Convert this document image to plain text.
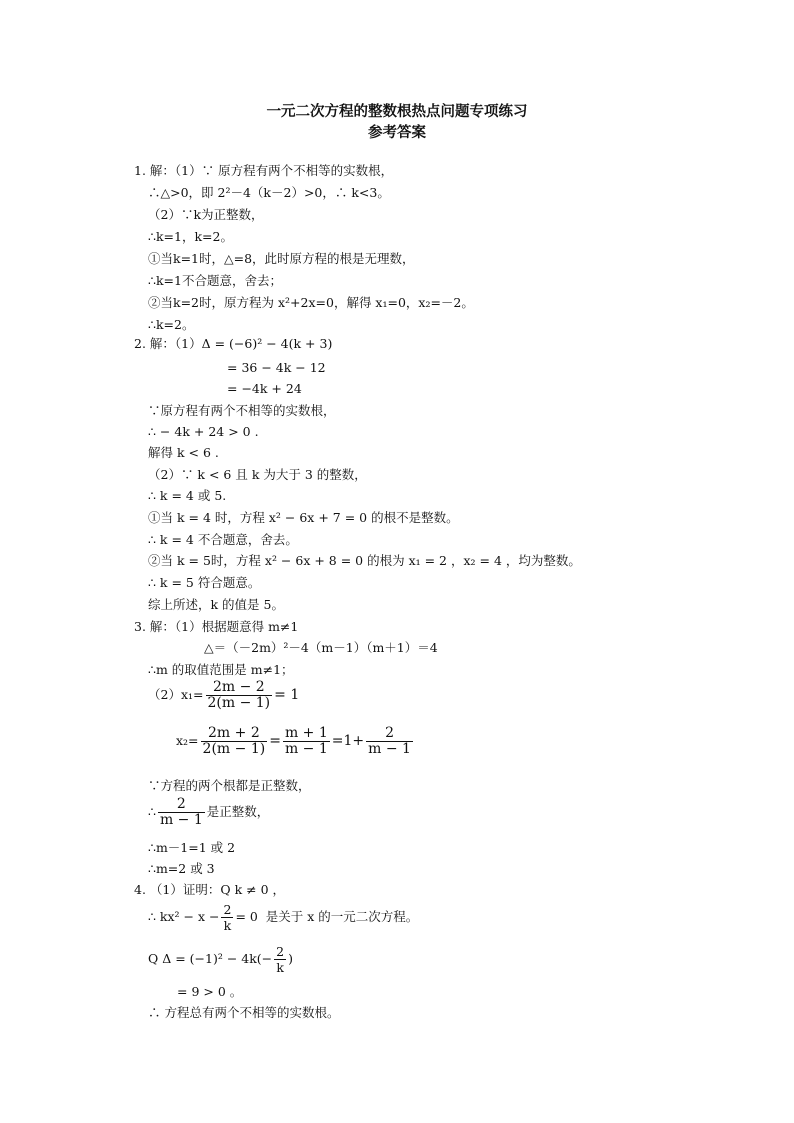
一元二次方程的整数根热点问题专项练习
参考答案
1. 解：（1）∵ 原方程有两个不相等的实数根，
∴△>0，即 2²－4（k－2）>0，∴ k<3。
（2）∵k为正整数，
∴k=1，k=2。
①当k=1时，△=8，此时原方程的根是无理数，
∴k=1不合题意，舍去；
②当k=2时，原方程为 x²+2x=0，解得 x₁=0，x₂=－2。
∴k=2。
2. 解：（1）Δ = (−6)² − 4(k + 3)
= 36 − 4k − 12
= −4k + 24
∵原方程有两个不相等的实数根，
∴ − 4k + 24 > 0 .
解得 k < 6 .
（2）∵ k < 6 且 k 为大于 3 的整数，
∴ k = 4 或 5.
①当 k = 4 时，方程 x² − 6x + 7 = 0 的根不是整数。
∴ k = 4 不合题意，舍去。
②当 k = 5时，方程 x² − 6x + 8 = 0 的根为 x₁ = 2 ，x₂ = 4 ，均为整数。
∴ k = 5 符合题意。
综上所述，k 的值是 5。
3. 解：（1）根据题意得 m≠1
△＝（－2m）²－4（m－1）（m＋1）＝4
∴m 的取值范围是 m≠1；
$(2)x_1= \frac{2m - 2}{2(m - 1)} = 1$
$x_2= \frac{2m + 2}{2(m - 1)} = \frac{m + 1}{m - 1} =1+ \frac{2}{m - 1}$
∵方程的两个根都是正整数，
∴ $\frac{2}{m - 1}$ 是正整数，
∴m－1=1 或 2
∴m=2 或 3
4. （1）证明：Q k ≠ 0 ，
∴ $kx^2 - x - \frac{2}{k} = 0$ 是关于 x 的一元二次方程。
Q $\Delta = (-1)^2 - 4k(- \frac{2}{k}$ )
= 9 > 0 。
∴ 方程总有两个不相等的实数根。
